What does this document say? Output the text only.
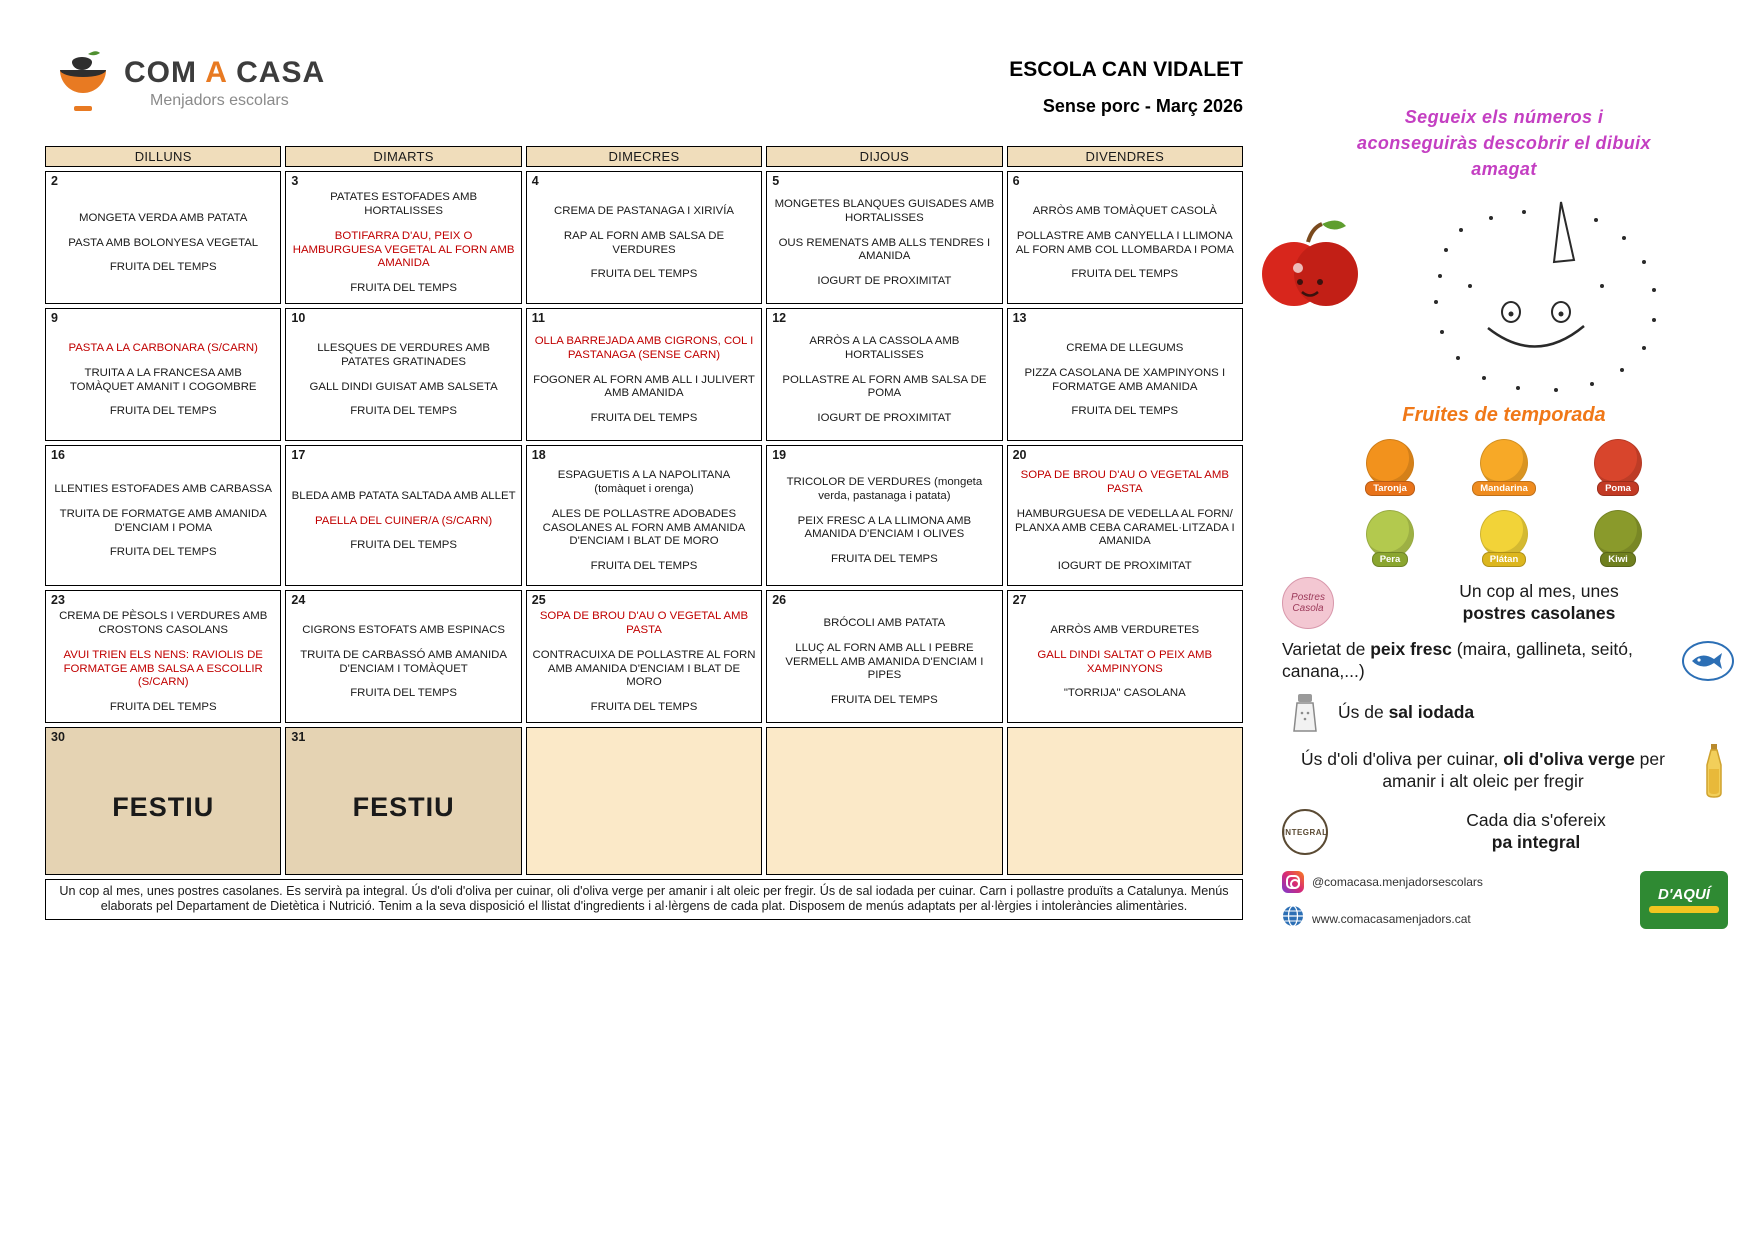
COM A CASA
Menjadors escolars
ESCOLA CAN VIDALET
Sense porc - Març 2026
DILLUNS	DIMARTS	DIMECRES	DIJOUS	DIVENDRES
2
MONGETA VERDA AMB PATATA
PASTA AMB BOLONYESA VEGETAL
FRUITA DEL TEMPS
3
PATATES ESTOFADES AMB HORTALISSES
BOTIFARRA D'AU, PEIX O HAMBURGUESA VEGETAL AL FORN AMB AMANIDA
FRUITA DEL TEMPS
4
CREMA DE PASTANAGA I XIRIVÍA
RAP AL FORN AMB SALSA DE VERDURES
FRUITA DEL TEMPS
5
MONGETES BLANQUES GUISADES AMB HORTALISSES
OUS REMENATS AMB ALLS TENDRES I AMANIDA
IOGURT DE PROXIMITAT
6
ARRÒS AMB TOMÀQUET CASOLÀ
POLLASTRE AMB CANYELLA I LLIMONA AL FORN AMB COL LLOMBARDA I POMA
FRUITA DEL TEMPS
9
PASTA A LA CARBONARA (S/CARN)
TRUITA A LA FRANCESA AMB TOMÀQUET AMANIT I COGOMBRE
FRUITA DEL TEMPS
10
LLESQUES DE VERDURES AMB PATATES GRATINADES
GALL DINDI GUISAT AMB SALSETA
FRUITA DEL TEMPS
11
OLLA BARREJADA AMB CIGRONS, COL I PASTANAGA (SENSE CARN)
FOGONER AL FORN AMB ALL I JULIVERT AMB AMANIDA
FRUITA DEL TEMPS
12
ARRÒS A LA CASSOLA AMB HORTALISSES
POLLASTRE AL FORN AMB SALSA DE POMA
IOGURT DE PROXIMITAT
13
CREMA DE LLEGUMS
PIZZA CASOLANA DE XAMPINYONS I FORMATGE AMB AMANIDA
FRUITA DEL TEMPS
16
LLENTIES ESTOFADES AMB CARBASSA
TRUITA DE FORMATGE AMB AMANIDA D'ENCIAM I POMA
FRUITA DEL TEMPS
17
BLEDA AMB PATATA SALTADA AMB ALLET
PAELLA DEL CUINER/A (S/CARN)
FRUITA DEL TEMPS
18
ESPAGUETIS A LA NAPOLITANA (tomàquet i orenga)
ALES DE POLLASTRE ADOBADES CASOLANES AL FORN AMB AMANIDA D'ENCIAM I BLAT DE MORO
FRUITA DEL TEMPS
19
TRICOLOR DE VERDURES (mongeta verda, pastanaga i patata)
PEIX FRESC A LA LLIMONA AMB AMANIDA D'ENCIAM I OLIVES
FRUITA DEL TEMPS
20
SOPA DE BROU D'AU O VEGETAL AMB PASTA
HAMBURGUESA DE VEDELLA AL FORN/ PLANXA AMB CEBA CARAMEL·LITZADA I AMANIDA
IOGURT DE PROXIMITAT
23
CREMA DE PÈSOLS I VERDURES AMB CROSTONS CASOLANS
AVUI TRIEN ELS NENS: RAVIOLIS DE FORMATGE AMB SALSA A ESCOLLIR (S/CARN)
FRUITA DEL TEMPS
24
CIGRONS ESTOFATS AMB ESPINACS
TRUITA DE CARBASSÓ AMB AMANIDA D'ENCIAM I TOMÀQUET
FRUITA DEL TEMPS
25
SOPA DE BROU D'AU O VEGETAL AMB PASTA
CONTRACUIXA DE POLLASTRE AL FORN AMB AMANIDA D'ENCIAM I BLAT DE MORO
FRUITA DEL TEMPS
26
BRÓCOLI AMB PATATA
LLUÇ AL FORN AMB ALL I PEBRE VERMELL AMB AMANIDA D'ENCIAM I PIPES
FRUITA DEL TEMPS
27
ARRÒS AMB VERDURETES
GALL DINDI SALTAT O PEIX AMB XAMPINYONS
"TORRIJA" CASOLANA
30
FESTIU
31
FESTIU
Un cop al mes, unes postres casolanes. Es servirà pa integral. Ús d'oli d'oliva per cuinar, oli d'oliva verge per amanir i alt oleic per fregir. Ús de sal iodada per cuinar. Carn i pollastre produïts a Catalunya. Menús elaborats pel Departament de Dietètica i Nutrició. Tenim a la seva disposició el llistat d'ingredients i al·lèrgens de cada plat. Disposem de menús adaptats per al·lèrgies i intoleràncies alimentàries.
Segueix els números i
aconseguiràs descobrir el dibuix
amagat
Fruites de temporada
Taronja	Mandarina	Poma
Pera	Plátan	Kiwi
Postres
Casola
Un cop al mes, unes
postres casolanes
Varietat de peix fresc (maira, gallineta, seitó, canana,...)
Ús de sal iodada
Ús d'oli d'oliva per cuinar, oli d'oliva verge per amanir i alt oleic per fregir
INTEGRAL
Cada dia s'ofereix
pa integral
@comacasa.menjadorsescolars
www.comacasamenjadors.cat
D'AQUÍ
